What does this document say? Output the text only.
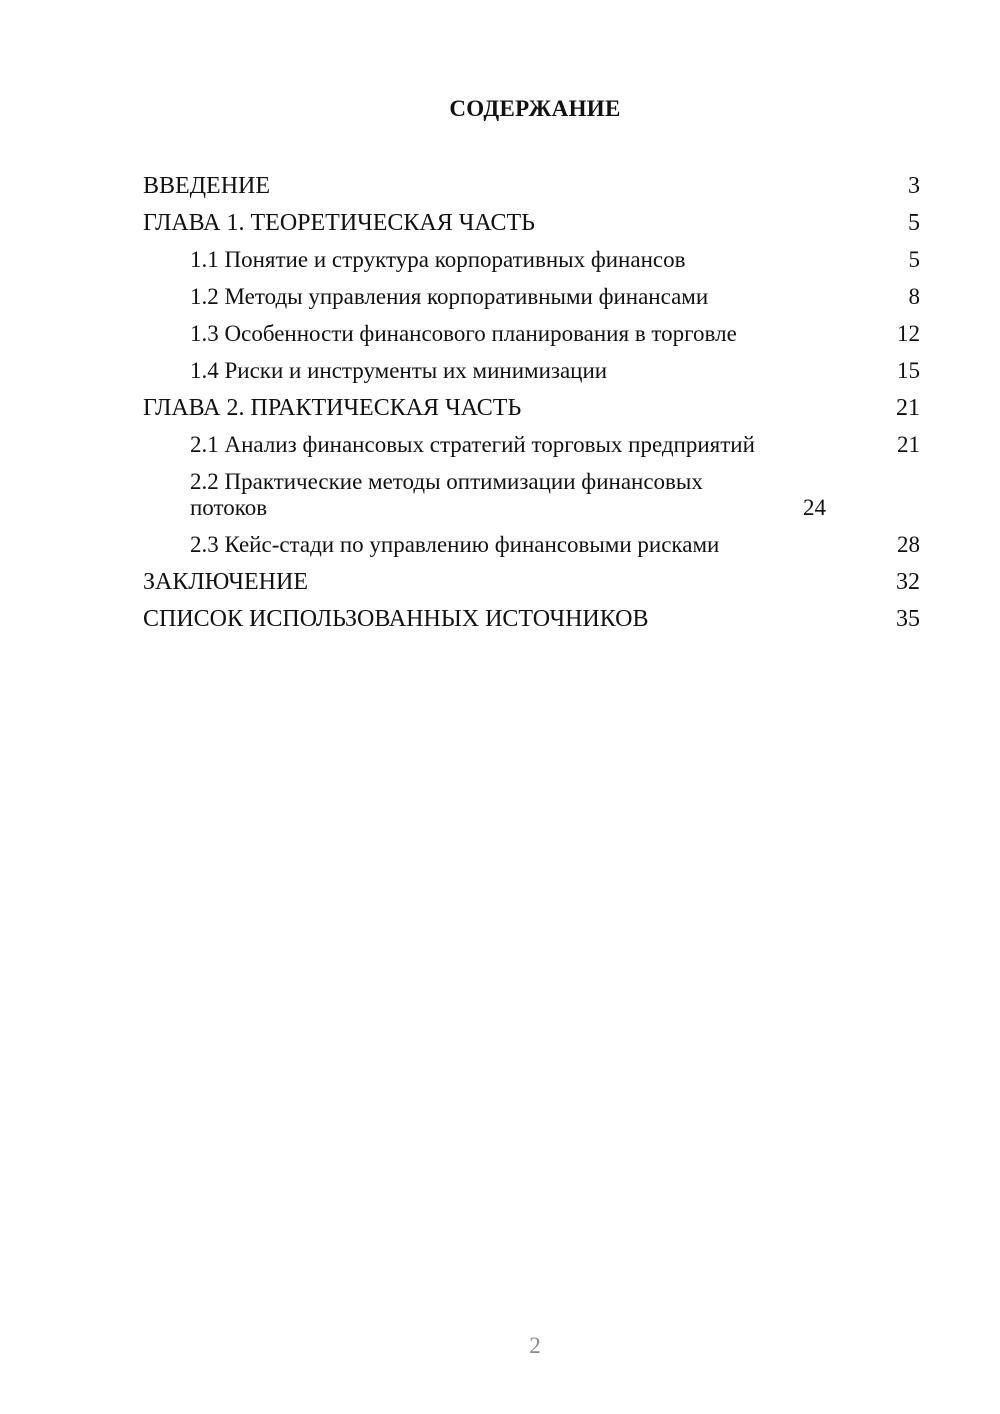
СОДЕРЖАНИЕ
ВВЕДЕНИЕ	3
ГЛАВА 1. ТЕОРЕТИЧЕСКАЯ ЧАСТЬ	5
1.1 Понятие и структура корпоративных финансов	5
1.2 Методы управления корпоративными финансами	8
1.3 Особенности финансового планирования в торговле	12
1.4 Риски и инструменты их минимизации	15
ГЛАВА 2. ПРАКТИЧЕСКАЯ ЧАСТЬ	21
2.1 Анализ финансовых стратегий торговых предприятий	21
2.2 Практические методы оптимизации финансовых потоков	24
2.3 Кейс-стади по управлению финансовыми рисками	28
ЗАКЛЮЧЕНИЕ	32
СПИСОК ИСПОЛЬЗОВАННЫХ ИСТОЧНИКОВ	35
2
